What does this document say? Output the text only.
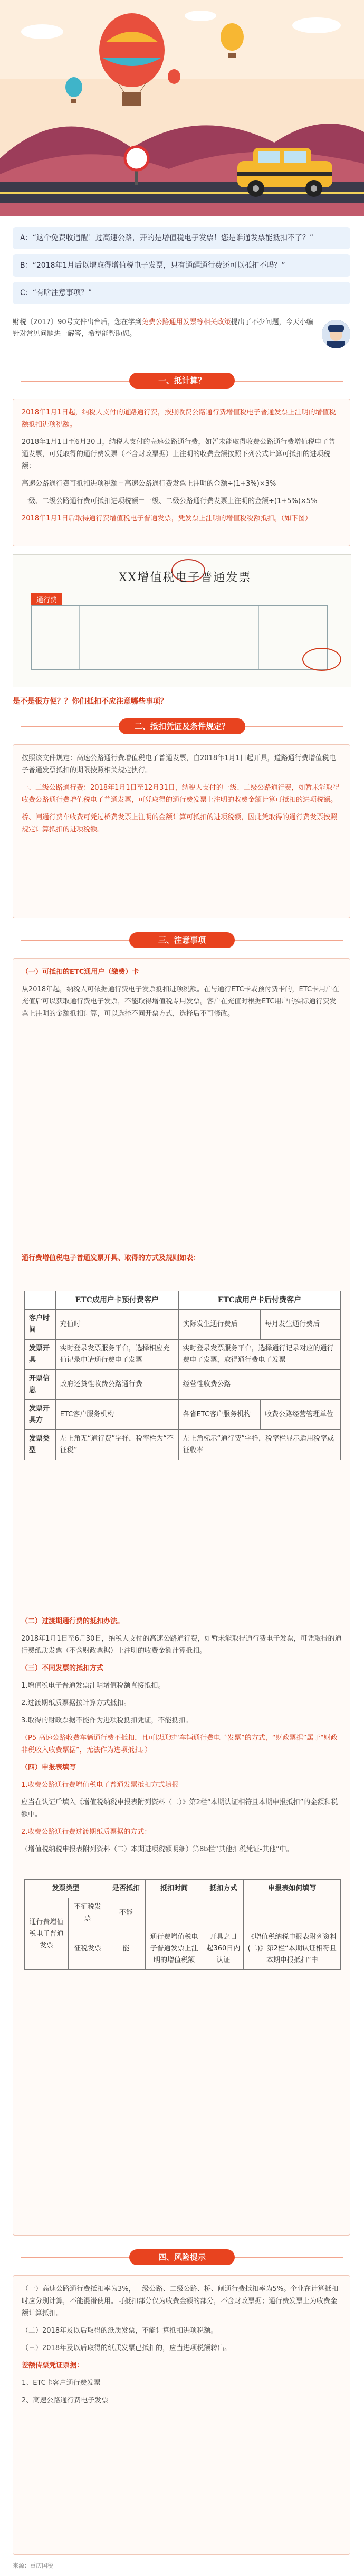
A：“这个免费收通醒！过高速公路，开的是增值税电子发票！您是谁通发票能抵扣不了？”
B：“2018年1月后以增取得增值税电子发票，只有通醒通行费还可以抵扣不吗？”
C：“有啥注意事项？”
财税〔2017〕90号文件出台后，您在学到免费公路通用发票等相关政策提出了不少问题，今天小编针对常见问题进一解答，希望能帮助您。
一、抵计算？

2018年1月1日起，纳税人支付的道路通行费，按照收费公路通行费增值税电子普通发票上注明的增值税额抵扣进项税额。

2018年1月1日至6月30日，纳税人支付的高速公路通行费，如暂未能取得收费公路通行费增值税电子普通发票，可凭取得的通行费发票（不含财政票据）上注明的收费金额按照下列公式计算可抵扣的进项税额：

高速公路通行费可抵扣进项税额＝高速公路通行费发票上注明的金额÷(1+3%)×3%

一级、二级公路通行费可抵扣进项税额＝一级、二级公路通行费发票上注明的金额÷(1+5%)×5%

2018年1月1日后取得通行费增值税电子普通发票，凭发票上注明的增值税税额抵扣。（如下图）

XX增值税电子普通发票
通行费
是不是很方便？？你们抵扣不应注意哪些事项？
二、抵扣凭证及条件规定？

按照该文件规定：高速公路通行费增值税电子普通发票，自2018年1月1日起开具，道路通行费增值税电子普通发票抵扣的期限按照相关规定执行。

一、二级公路通行费：2018年1月1日至12月31日，纳税人支付的一级、二级公路通行费，如暂未能取得收费公路通行费增值税电子普通发票，可凭取得的通行费发票上注明的收费金额计算可抵扣的进项税额。

桥、闸通行费车收费可凭过桥费发票上注明的金额计算可抵扣的进项税额，因此凭取得的通行费发票按照规定计算抵扣的进项税额。

三、注意事项

（一）可抵扣的ETC通用户（缴费）卡

从2018年起，纳税人可依据通行费电子发票抵扣进项税额。在与通行ETC卡或预付费卡的，ETC卡用户在充值后可以获取通行费电子发票，不能取得增值税专用发票。客户在充值时根据ETC用户的实际通行费发票上注明的金额抵扣计算，可以选择不同开票方式，选择后不可修改。

通行费增值税电子普通发票开具、取得的方式及规则如表：

	ETC成用户卡预付费客户	ETC成用户卡后付费客户	
客户时间	充值时	实际发生通行费后	每月发生通行费后
发票开具	实时登录发票服务平台，选择相应充值记录申请通行费电子发票	实时登录发票服务平台，选择通行记录对应的通行费电子发票，取得通行费电子发票	
开票信息	政府还贷性收费公路通行费	经营性收费公路	
发票开具方	ETC客户服务机构	各省ETC客户服务机构	收费公路经营管理单位
发票类型	左上角无“通行费”字样，税率栏为“不征税”	左上角标示“通行费”字样，税率栏显示适用税率或征收率	

（二）过渡期通行费的抵扣办法。

2018年1月1日至6月30日，纳税人支付的高速公路通行费，如暂未能取得通行费电子发票，可凭取得的通行费纸质发票（不含财政票据）上注明的收费金额计算抵扣。

（三）不同发票的抵扣方式

1.增值税电子普通发票注明增值税额直接抵扣。

2.过渡期纸质票据按计算方式抵扣。

3.取得的财政票据不能作为进项税抵扣凭证，不能抵扣。

（P5 高速公路收费车辆通行费不抵扣，且可以通过“车辆通行费电子发票”的方式，“财政票据”属于“财政非税收入收费票据”，无法作为进项抵扣。）

（四）申报表填写

1.收费公路通行费增值税电子普通发票抵扣方式填报

应当在认证后填入《增值税纳税申报表附列资料（二）》第2栏“本期认证相符且本期申报抵扣”的金额和税额中。

2.收费公路通行费过渡期纸质票据的方式：

（增值税纳税申报表附列资料（二）本期进项税额明细）第8b栏“其他扣税凭证-其他”中。

发票类型		是否抵扣	抵扣时间	抵扣方式	申报表如何填写
通行费增值税电子普通发票	不征税发票	不能			
	征税发票	能	通行费增值税电子普通发票上注明的增值税额	开具之日起360日内认证	《增值税纳税申报表附列资料(二)》第2栏“本期认证相符且本期申报抵扣”中
四、风险提示

（一）高速公路通行费抵扣率为3%，一级公路、二级公路、桥、闸通行费抵扣率为5%。企业在计算抵扣时应分别计算，不能混淆使用。可抵扣部分仅为收费金额的部分，不含财政票据；通行费发票上为收费金额计算抵扣。

（二）2018年及以后取得的纸质发票，不能计算抵扣进项税额。

（三）2018年及以后取得的纸质发票已抵扣的，应当进项税额转出。

差额传票凭证票据：

1、ETC卡客户通行费发票

2、高速公路通行费电子发票

来源：重庆国税
